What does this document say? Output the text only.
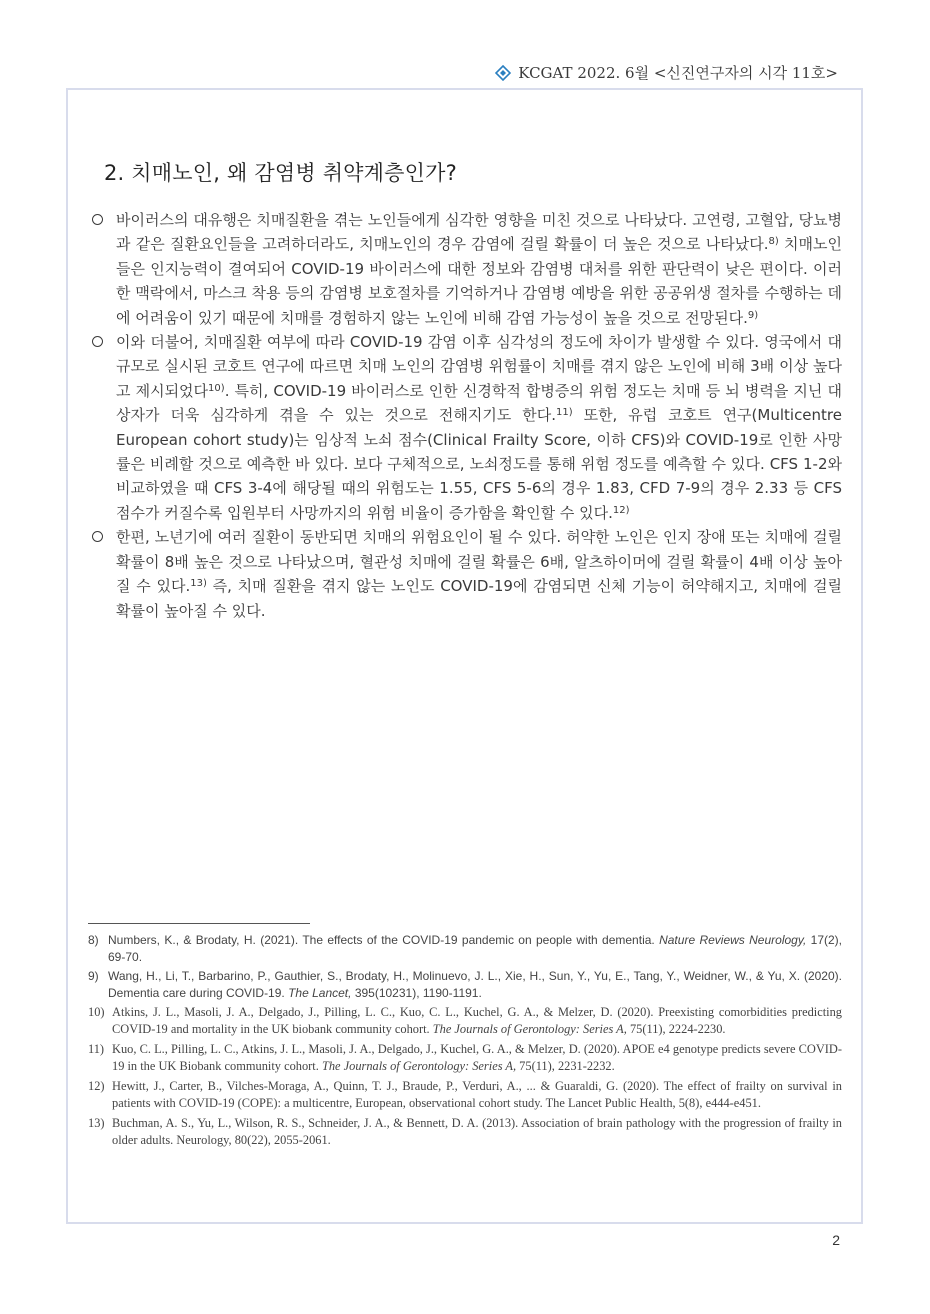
KCGAT 2022. 6월 <신진연구자의 시각 11호>
2. 치매노인, 왜 감염병 취약계층인가?
바이러스의 대유행은 치매질환을 겪는 노인들에게 심각한 영향을 미친 것으로 나타났다. 고연령, 고혈압, 당뇨병과 같은 질환요인들을 고려하더라도, 치매노인의 경우 감염에 걸릴 확률이 더 높은 것으로 나타났다.$^{8)}$ 치매노인들은 인지능력이 결여되어 COVID-19 바이러스에 대한 정보와 감염병 대처를 위한 판단력이 낮은 편이다. 이러한 맥락에서, 마스크 착용 등의 감염병 보호절차를 기억하거나 감염병 예방을 위한 공공위생 절차를 수행하는 데에 어려움이 있기 때문에 치매를 경험하지 않는 노인에 비해 감염 가능성이 높을 것으로 전망된다.$^{9)}$
이와 더불어, 치매질환 여부에 따라 COVID-19 감염 이후 심각성의 정도에 차이가 발생할 수 있다. 영국에서 대규모로 실시된 코호트 연구에 따르면 치매 노인의 감염병 위험률이 치매를 겪지 않은 노인에 비해 3배 이상 높다고 제시되었다$^{10)}$. 특히, COVID-19 바이러스로 인한 신경학적 합병증의 위험 정도는 치매 등 뇌 병력을 지닌 대상자가 더욱 심각하게 겪을 수 있는 것으로 전해지기도 한다.$^{11)}$ 또한, 유럽 코호트 연구(Multicentre European cohort study)는 임상적 노쇠 점수(Clinical Frailty Score, 이하 CFS)와 COVID-19로 인한 사망률은 비례할 것으로 예측한 바 있다. 보다 구체적으로, 노쇠정도를 통해 위험 정도를 예측할 수 있다. CFS 1-2와 비교하였을 때 CFS 3-4에 해당될 때의 위험도는 1.55, CFS 5-6의 경우 1.83, CFD 7-9의 경우 2.33 등 CFS 점수가 커질수록 입원부터 사망까지의 위험 비율이 증가함을 확인할 수 있다.$^{12)}$
한편, 노년기에 여러 질환이 동반되면 치매의 위험요인이 될 수 있다. 허약한 노인은 인지 장애 또는 치매에 걸릴 확률이 8배 높은 것으로 나타났으며, 혈관성 치매에 걸릴 확률은 6배, 알츠하이머에 걸릴 확률이 4배 이상 높아질 수 있다.$^{13)}$ 즉, 치매 질환을 겪지 않는 노인도 COVID-19에 감염되면 신체 기능이 허약해지고, 치매에 걸릴 확률이 높아질 수 있다.
8) Numbers, K., & Brodaty, H. (2021). The effects of the COVID-19 pandemic on people with dementia. Nature Reviews Neurology, 17(2), 69-70.
9) Wang, H., Li, T., Barbarino, P., Gauthier, S., Brodaty, H., Molinuevo, J. L., Xie, H., Sun, Y., Yu, E., Tang, Y., Weidner, W., & Yu, X. (2020). Dementia care during COVID-19. The Lancet, 395(10231), 1190-1191.
10) Atkins, J. L., Masoli, J. A., Delgado, J., Pilling, L. C., Kuo, C. L., Kuchel, G. A., & Melzer, D. (2020). Preexisting comorbidities predicting COVID-19 and mortality in the UK biobank community cohort. The Journals of Gerontology: Series A, 75(11), 2224-2230.
11) Kuo, C. L., Pilling, L. C., Atkins, J. L., Masoli, J. A., Delgado, J., Kuchel, G. A., & Melzer, D. (2020). APOE e4 genotype predicts severe COVID-19 in the UK Biobank community cohort. The Journals of Gerontology: Series A, 75(11), 2231-2232.
12) Hewitt, J., Carter, B., Vilches-Moraga, A., Quinn, T. J., Braude, P., Verduri, A., ... & Guaraldi, G. (2020). The effect of frailty on survival in patients with COVID-19 (COPE): a multicentre, European, observational cohort study. The Lancet Public Health, 5(8), e444-e451.
13) Buchman, A. S., Yu, L., Wilson, R. S., Schneider, J. A., & Bennett, D. A. (2013). Association of brain pathology with the progression of frailty in older adults. Neurology, 80(22), 2055-2061.
2
